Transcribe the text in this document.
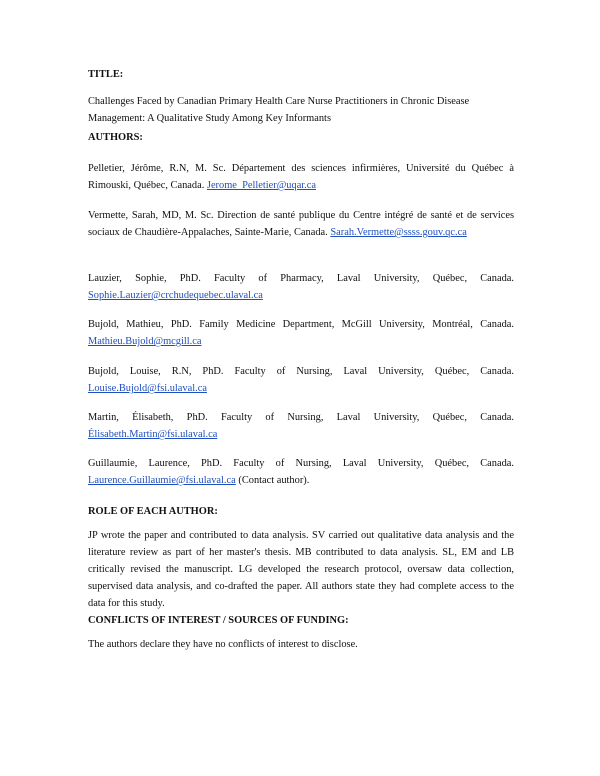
TITLE:

Challenges Faced by Canadian Primary Health Care Nurse Practitioners in Chronic Disease Management: A Qualitative Study Among Key Informants

AUTHORS:

Pelletier, Jérôme, R.N, M. Sc. Département des sciences infirmières, Université du Québec à Rimouski, Québec, Canada. Jerome_Pelletier@uqar.ca

Vermette, Sarah, MD, M. Sc. Direction de santé publique du Centre intégré de santé et de services sociaux de Chaudière-Appalaches, Sainte-Marie, Canada. Sarah.Vermette@ssss.gouv.qc.ca

Lauzier, Sophie, PhD. Faculty of Pharmacy, Laval University, Québec, Canada. Sophie.Lauzier@crchudequebec.ulaval.ca

Bujold, Mathieu, PhD. Family Medicine Department, McGill University, Montréal, Canada. Mathieu.Bujold@mcgill.ca

Bujold, Louise, R.N, PhD. Faculty of Nursing, Laval University, Québec, Canada. Louise.Bujold@fsi.ulaval.ca

Martin, Élisabeth, PhD. Faculty of Nursing, Laval University, Québec, Canada. Élisabeth.Martin@fsi.ulaval.ca

Guillaumie, Laurence, PhD. Faculty of Nursing, Laval University, Québec, Canada. Laurence.Guillaumie@fsi.ulaval.ca (Contact author).

ROLE OF EACH AUTHOR:

JP wrote the paper and contributed to data analysis. SV carried out qualitative data analysis and the literature review as part of her master's thesis. MB contributed to data analysis. SL, EM and LB critically revised the manuscript. LG developed the research protocol, oversaw data collection, supervised data analysis, and co-drafted the paper. All authors state they had complete access to the data for this study.

CONFLICTS OF INTEREST / SOURCES OF FUNDING:

The authors declare they have no conflicts of interest to disclose.
